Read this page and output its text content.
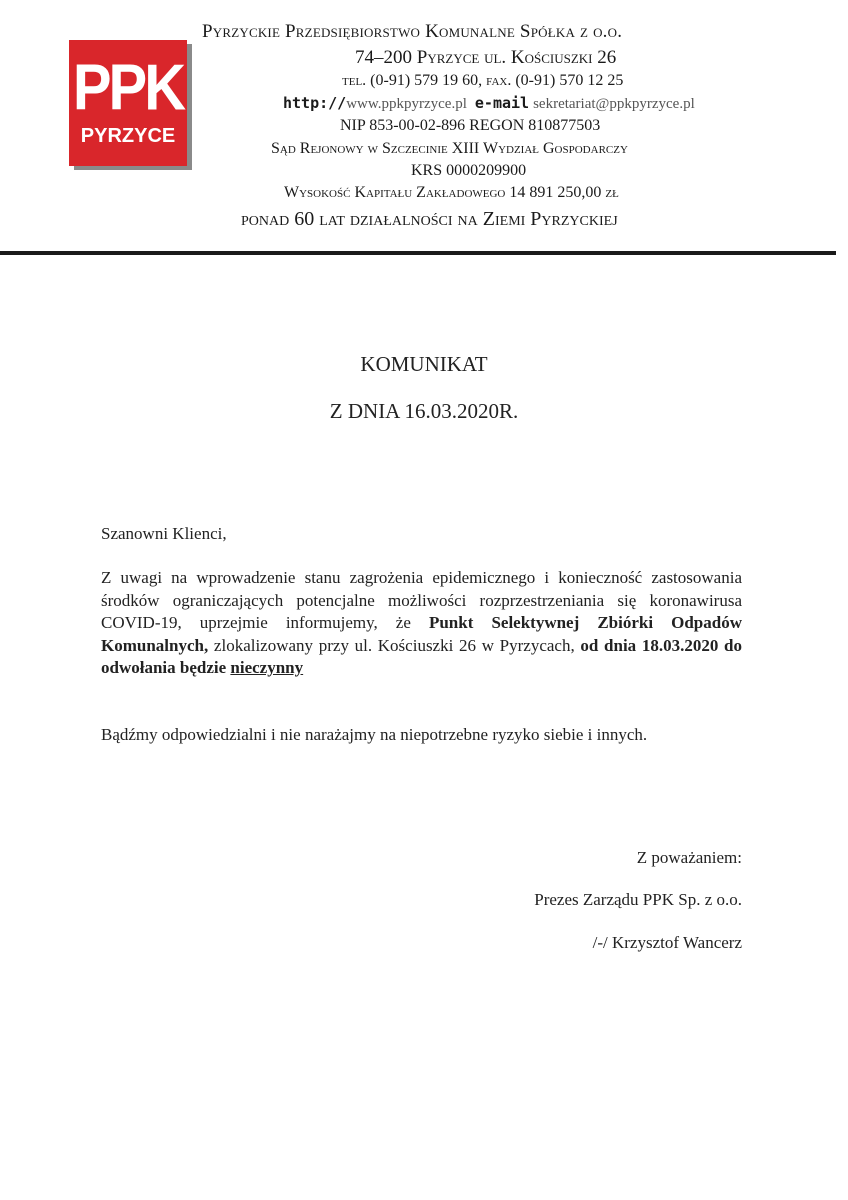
PPK
PYRZYCE
Pyrzyckie Przedsiębiorstwo Komunalne Spółka z o.o.
74–200 Pyrzyce ul. Kościuszki 26
tel. (0-91) 579 19 60, fax. (0-91) 570 12 25
http://www.ppkpyrzyce.pl e-mail sekretariat@ppkpyrzyce.pl
NIP 853-00-02-896 REGON 810877503
Sąd Rejonowy w Szczecinie XIII Wydział Gospodarczy
KRS 0000209900
Wysokość Kapitału Zakładowego 14 891 250,00 zł
ponad 60 lat działalności na Ziemi Pyrzyckiej
KOMUNIKAT
Z DNIA 16.03.2020R.
Szanowni Klienci,
Z uwagi na wprowadzenie stanu zagrożenia epidemicznego i konieczność zastosowania środków ograniczających potencjalne możliwości rozprzestrzeniania się koronawirusa COVID-19, uprzejmie informujemy, że Punkt Selektywnej Zbiórki Odpadów Komunalnych, zlokalizowany przy ul. Kościuszki 26 w Pyrzycach, od dnia 18.03.2020 do odwołania będzie nieczynny
Bądźmy odpowiedzialni i nie narażajmy na niepotrzebne ryzyko siebie i innych.
Z poważaniem:
Prezes Zarządu PPK Sp. z o.o.
/-/ Krzysztof Wancerz
